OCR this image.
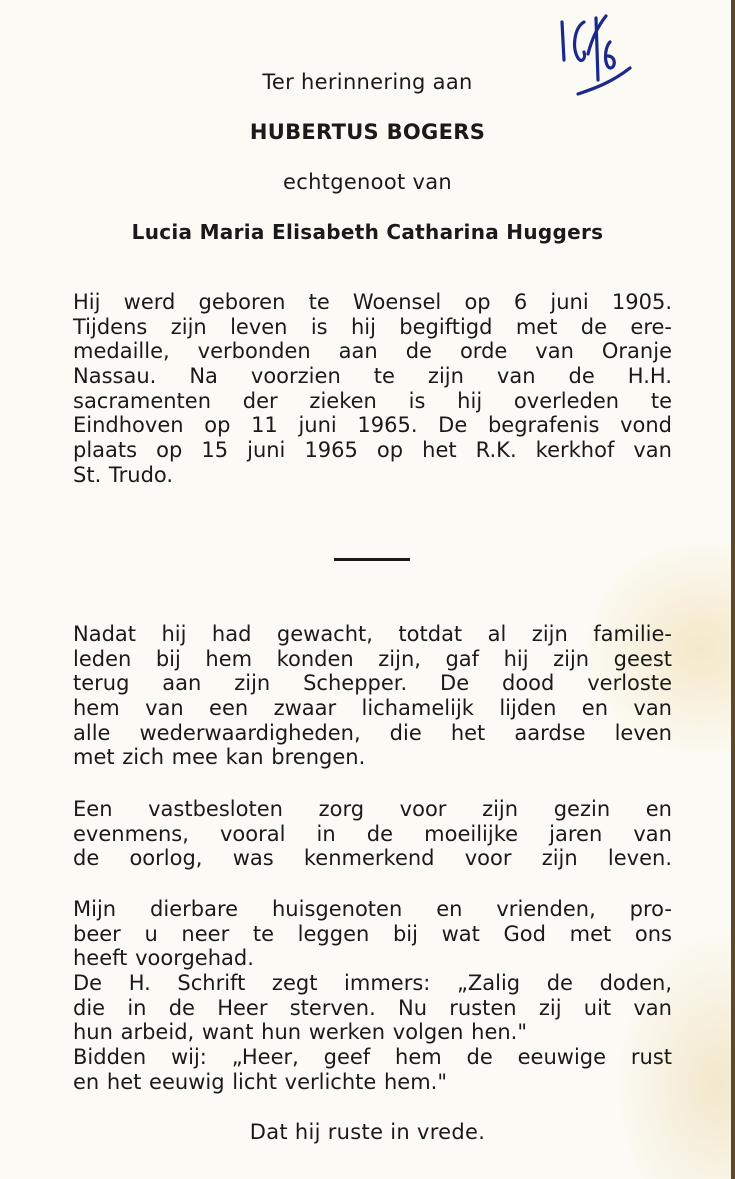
Ter herinnering aan
HUBERTUS BOGERS
echtgenoot van
Lucia Maria Elisabeth Catharina Huggers
Hij werd geboren te Woensel op 6 juni 1905.
Tijdens zijn leven is hij begiftigd met de ere-
medaille, verbonden aan de orde van Oranje
Nassau. Na voorzien te zijn van de H.H.
sacramenten der zieken is hij overleden te
Eindhoven op 11 juni 1965. De begrafenis vond
plaats op 15 juni 1965 op het R.K. kerkhof van
St. Trudo.
Nadat hij had gewacht, totdat al zijn familie-
leden bij hem konden zijn, gaf hij zijn geest
terug aan zijn Schepper. De dood verloste
hem van een zwaar lichamelijk lijden en van
alle wederwaardigheden, die het aardse leven
met zich mee kan brengen.
Een vastbesloten zorg voor zijn gezin en
evenmens, vooral in de moeilijke jaren van
de oorlog, was kenmerkend voor zijn leven.
Mijn dierbare huisgenoten en vrienden, pro-
beer u neer te leggen bij wat God met ons
heeft voorgehad.
De H. Schrift zegt immers: „Zalig de doden,
die in de Heer sterven. Nu rusten zij uit van
hun arbeid, want hun werken volgen hen."
Bidden wij: „Heer, geef hem de eeuwige rust
en het eeuwig licht verlichte hem."
Dat hij ruste in vrede.
